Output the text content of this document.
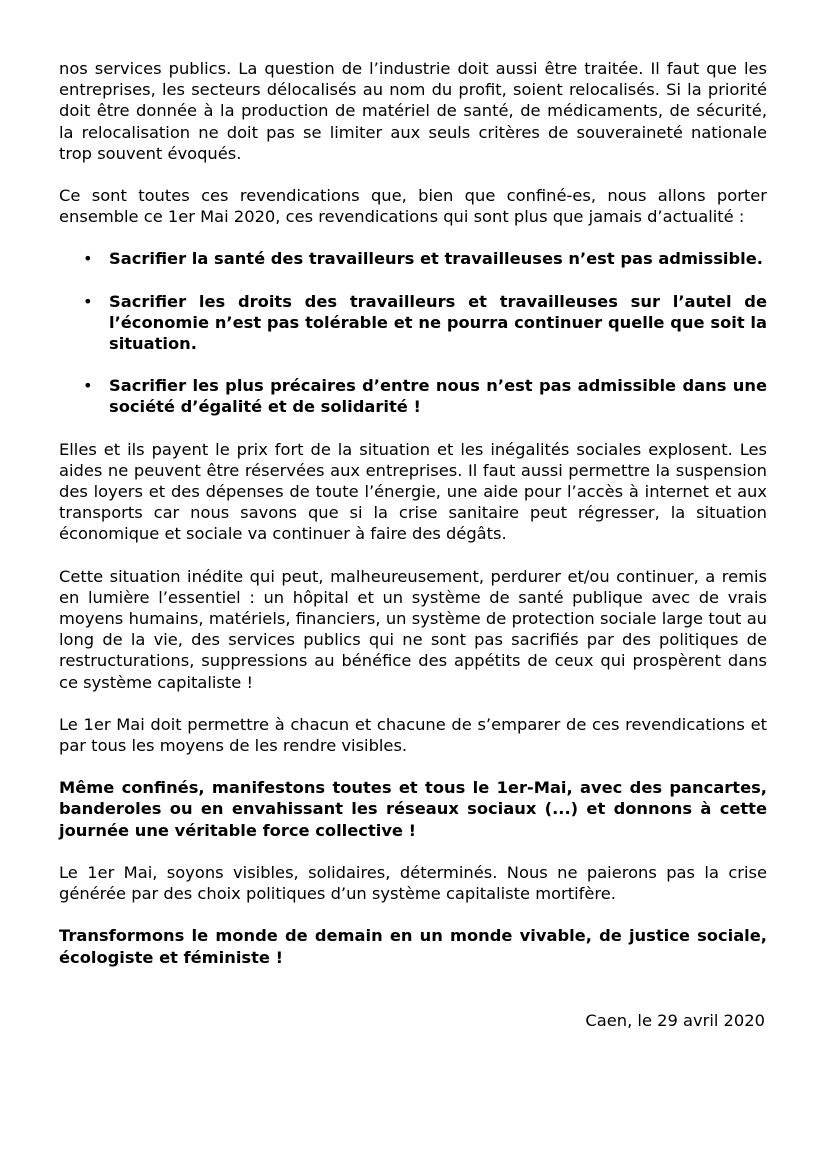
nos services publics. La question de l’industrie doit aussi être traitée. Il faut que les entreprises, les secteurs délocalisés au nom du profit, soient relocalisés. Si la priorité doit être donnée à la production de matériel de santé, de médicaments, de sécurité, la relocalisation ne doit pas se limiter aux seuls critères de souveraineté nationale trop souvent évoqués.

Ce sont toutes ces revendications que, bien que confiné-es, nous allons porter ensemble ce 1er Mai 2020, ces revendications qui sont plus que jamais d’actualité :

• Sacrifier la santé des travailleurs et travailleuses n’est pas admissible.
• Sacrifier les droits des travailleurs et travailleuses sur l’autel de l’économie n’est pas tolérable et ne pourra continuer quelle que soit la situation.
• Sacrifier les plus précaires d’entre nous n’est pas admissible dans une société d’égalité et de solidarité !

Elles et ils payent le prix fort de la situation et les inégalités sociales explosent. Les aides ne peuvent être réservées aux entreprises. Il faut aussi permettre la suspension des loyers et des dépenses de toute l’énergie, une aide pour l’accès à internet et aux transports car nous savons que si la crise sanitaire peut régresser, la situation économique et sociale va continuer à faire des dégâts.

Cette situation inédite qui peut, malheureusement, perdurer et/ou continuer, a remis en lumière l’essentiel : un hôpital et un système de santé publique avec de vrais moyens humains, matériels, financiers, un système de protection sociale large tout au long de la vie, des services publics qui ne sont pas sacrifiés par des politiques de restructurations, suppressions au bénéfice des appétits de ceux qui prospèrent dans ce système capitaliste !

Le 1er Mai doit permettre à chacun et chacune de s’emparer de ces revendications et par tous les moyens de les rendre visibles.

Même confinés, manifestons toutes et tous le 1er-Mai, avec des pancartes, banderoles ou en envahissant les réseaux sociaux (...) et donnons à cette journée une véritable force collective !

Le 1er Mai, soyons visibles, solidaires, déterminés. Nous ne paierons pas la crise générée par des choix politiques d’un système capitaliste mortifère.

Transformons le monde de demain en un monde vivable, de justice sociale, écologiste et féministe !

Caen, le 29 avril 2020
